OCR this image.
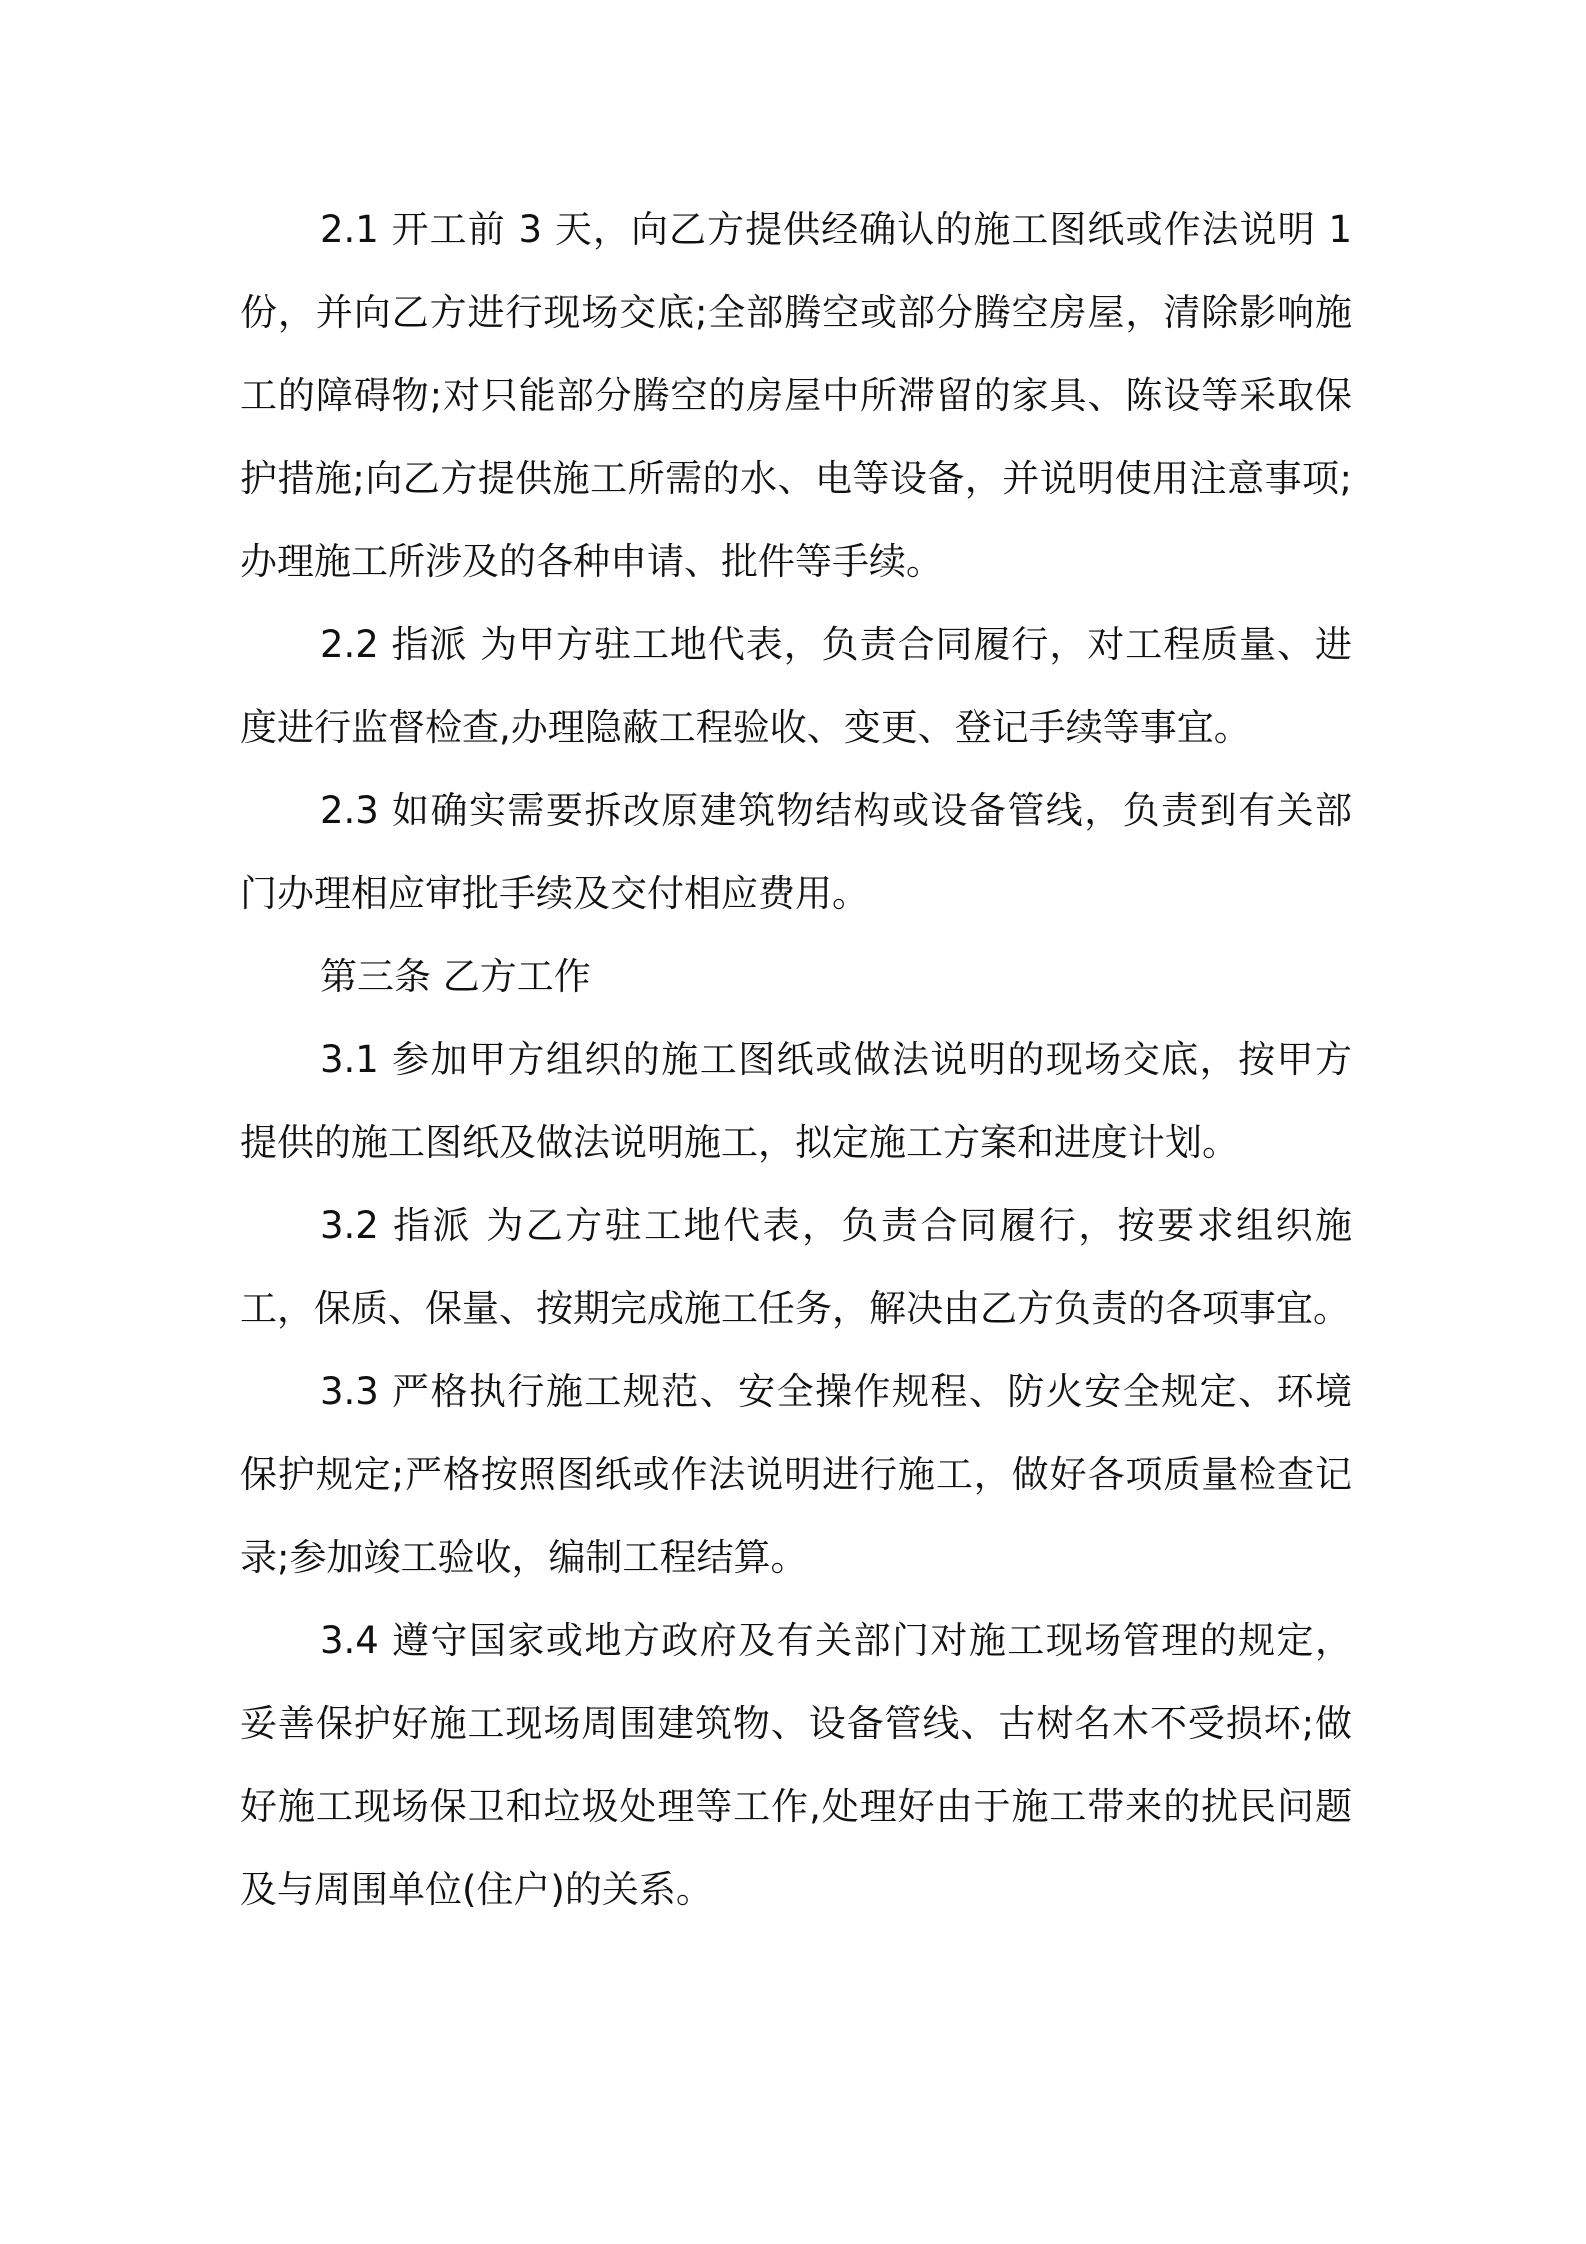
2.1 开工前 3 天，向乙方提供经确认的施工图纸或作法说明 1 份，并向乙方进行现场交底;全部腾空或部分腾空房屋，清除影响施工的障碍物;对只能部分腾空的房屋中所滞留的家具、陈设等采取保护措施;向乙方提供施工所需的水、电等设备，并说明使用注意事项;办理施工所涉及的各种申请、批件等手续。

2.2 指派 为甲方驻工地代表，负责合同履行，对工程质量、进度进行监督检查,办理隐蔽工程验收、变更、登记手续等事宜。

2.3 如确实需要拆改原建筑物结构或设备管线，负责到有关部门办理相应审批手续及交付相应费用。

第三条 乙方工作

3.1 参加甲方组织的施工图纸或做法说明的现场交底，按甲方提供的施工图纸及做法说明施工，拟定施工方案和进度计划。

3.2 指派 为乙方驻工地代表，负责合同履行，按要求组织施工，保质、保量、按期完成施工任务，解决由乙方负责的各项事宜。

3.3 严格执行施工规范、安全操作规程、防火安全规定、环境保护规定;严格按照图纸或作法说明进行施工，做好各项质量检查记录;参加竣工验收，编制工程结算。

3.4 遵守国家或地方政府及有关部门对施工现场管理的规定，妥善保护好施工现场周围建筑物、设备管线、古树名木不受损坏;做好施工现场保卫和垃圾处理等工作,处理好由于施工带来的扰民问题及与周围单位(住户)的关系。
